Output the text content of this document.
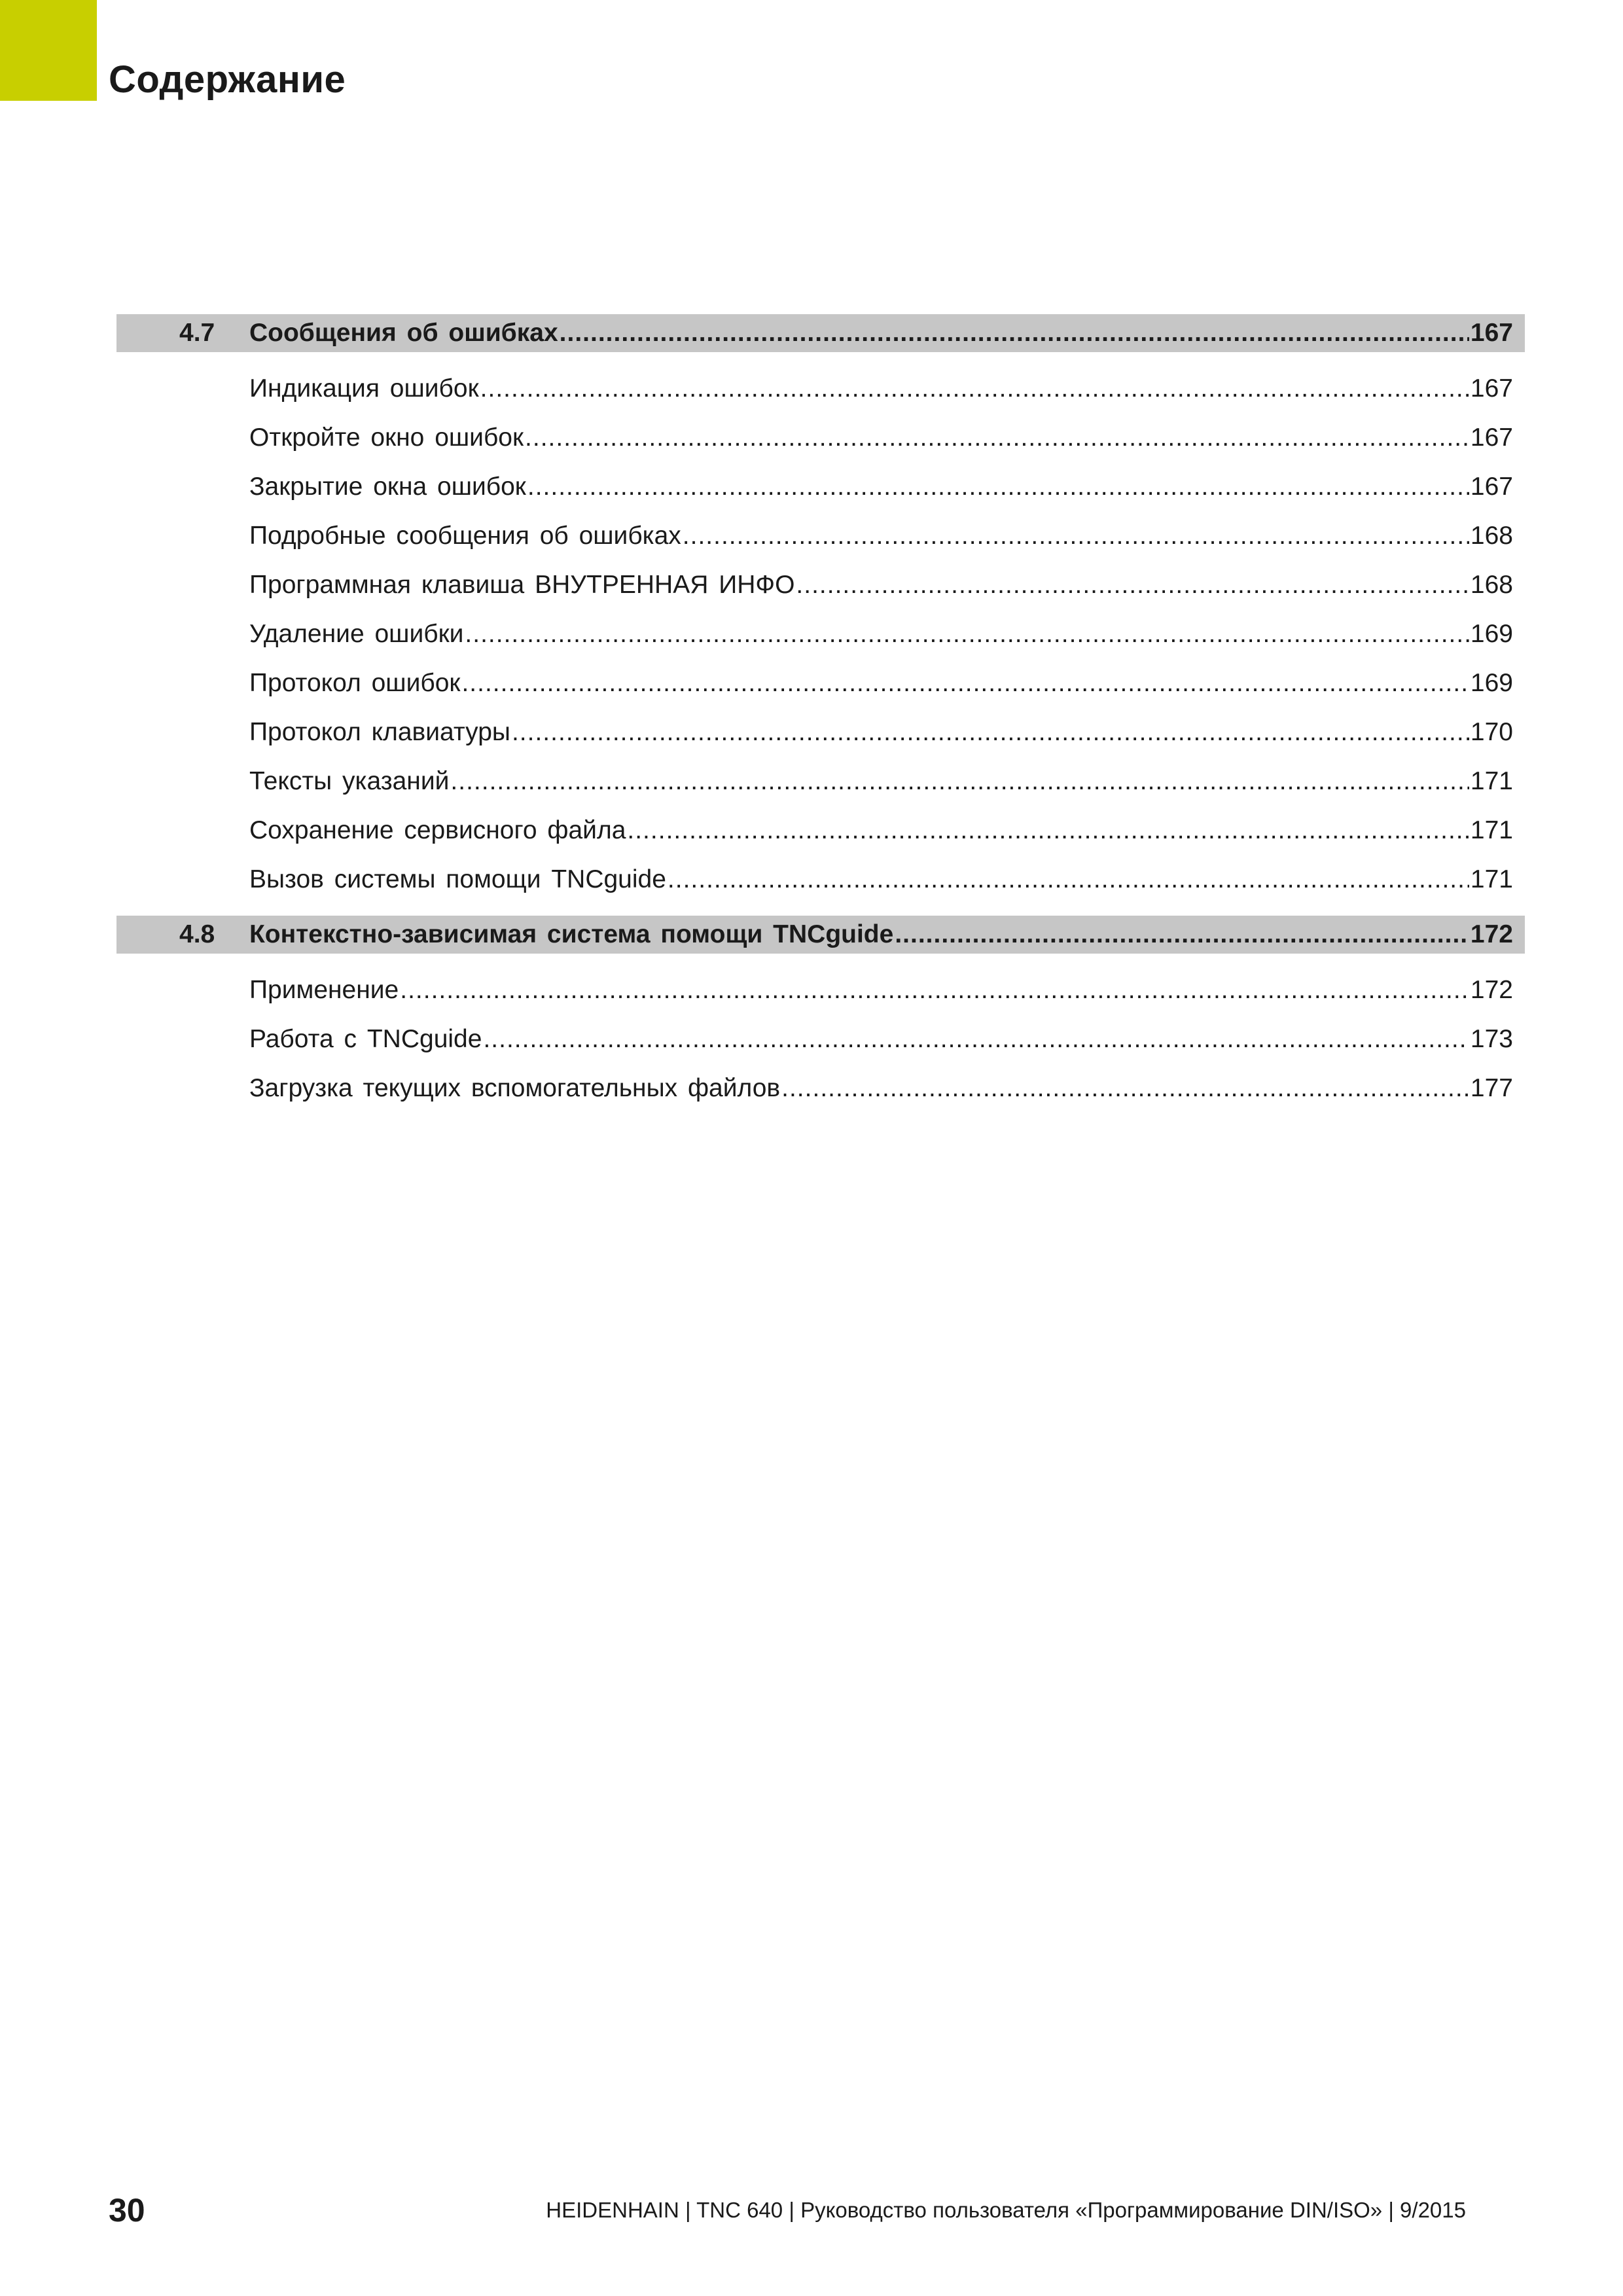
Содержание
4.7 Сообщения об ошибках .....	167
Индикация ошибок .....	167
Откройте окно ошибок .....	167
Закрытие окна ошибок .....	167
Подробные сообщения об ошибках .....	168
Программная клавиша ВНУТРЕННАЯ ИНФО .....	168
Удаление ошибки .....	169
Протокол ошибок .....	169
Протокол клавиатуры .....	170
Тексты указаний .....	171
Сохранение сервисного файла .....	171
Вызов системы помощи TNCguide .....	171
4.8 Контекстно-зависимая система помощи TNCguide .....	172
Применение .....	172
Работа с TNCguide .....	173
Загрузка текущих вспомогательных файлов .....	177
30	HEIDENHAIN | TNC 640 | Руководство пользователя «Программирование DIN/ISO» | 9/2015
